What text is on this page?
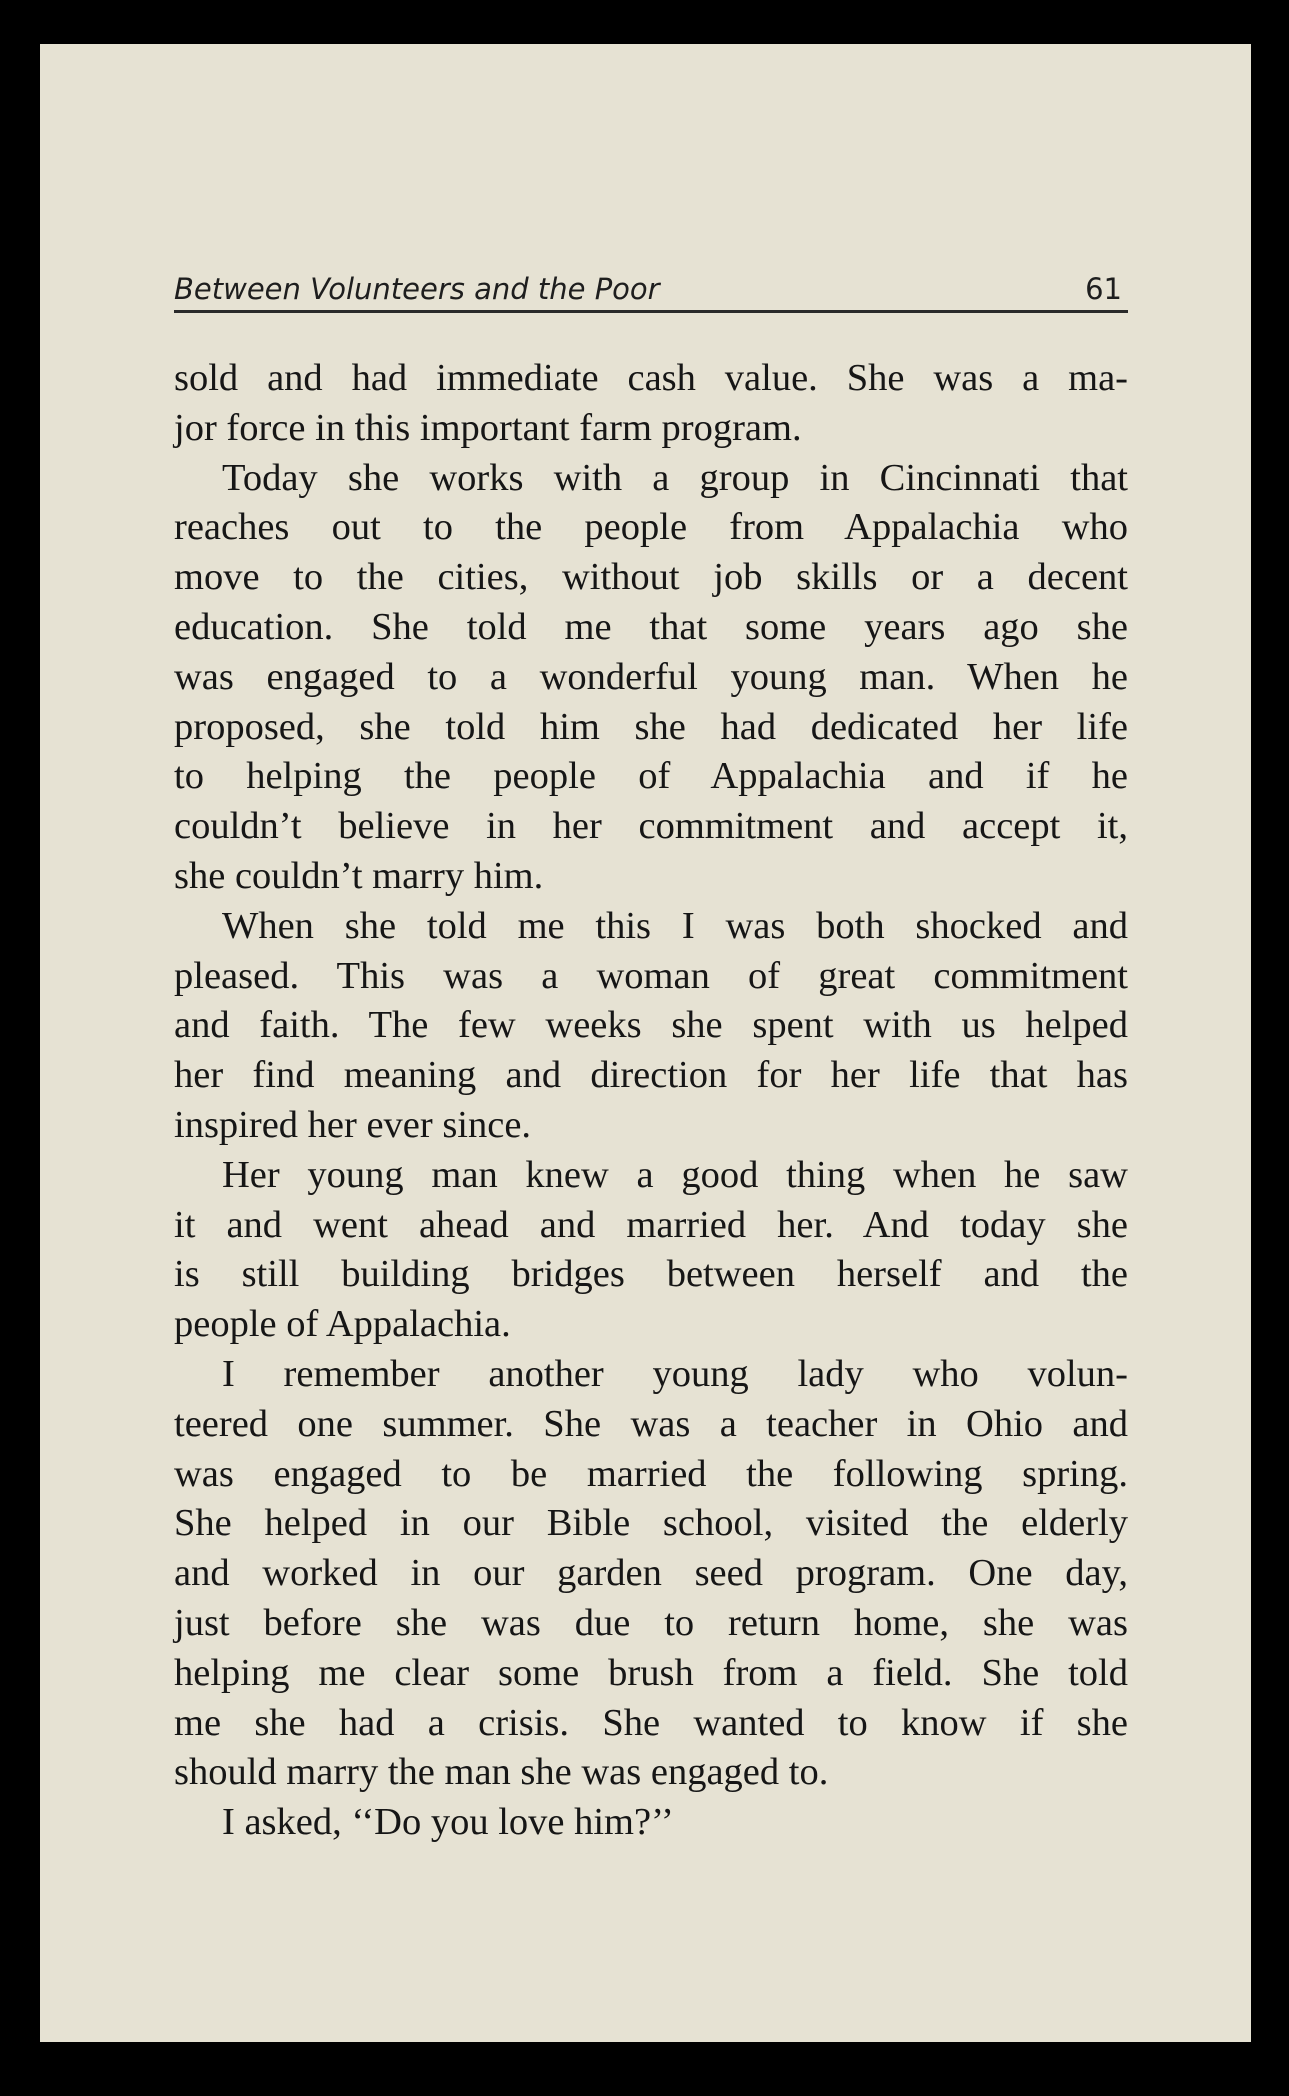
Between Volunteers and the Poor	61
sold and had immediate cash value. She was a ma-
jor force in this important farm program.
Today she works with a group in Cincinnati that
reaches out to the people from Appalachia who
move to the cities, without job skills or a decent
education. She told me that some years ago she
was engaged to a wonderful young man. When he
proposed, she told him she had dedicated her life
to helping the people of Appalachia and if he
couldn’t believe in her commitment and accept it,
she couldn’t marry him.
When she told me this I was both shocked and
pleased. This was a woman of great commitment
and faith. The few weeks she spent with us helped
her find meaning and direction for her life that has
inspired her ever since.
Her young man knew a good thing when he saw
it and went ahead and married her. And today she
is still building bridges between herself and the
people of Appalachia.
I remember another young lady who volun-
teered one summer. She was a teacher in Ohio and
was engaged to be married the following spring.
She helped in our Bible school, visited the elderly
and worked in our garden seed program. One day,
just before she was due to return home, she was
helping me clear some brush from a field. She told
me she had a crisis. She wanted to know if she
should marry the man she was engaged to.
I asked, ‘‘Do you love him?’’
